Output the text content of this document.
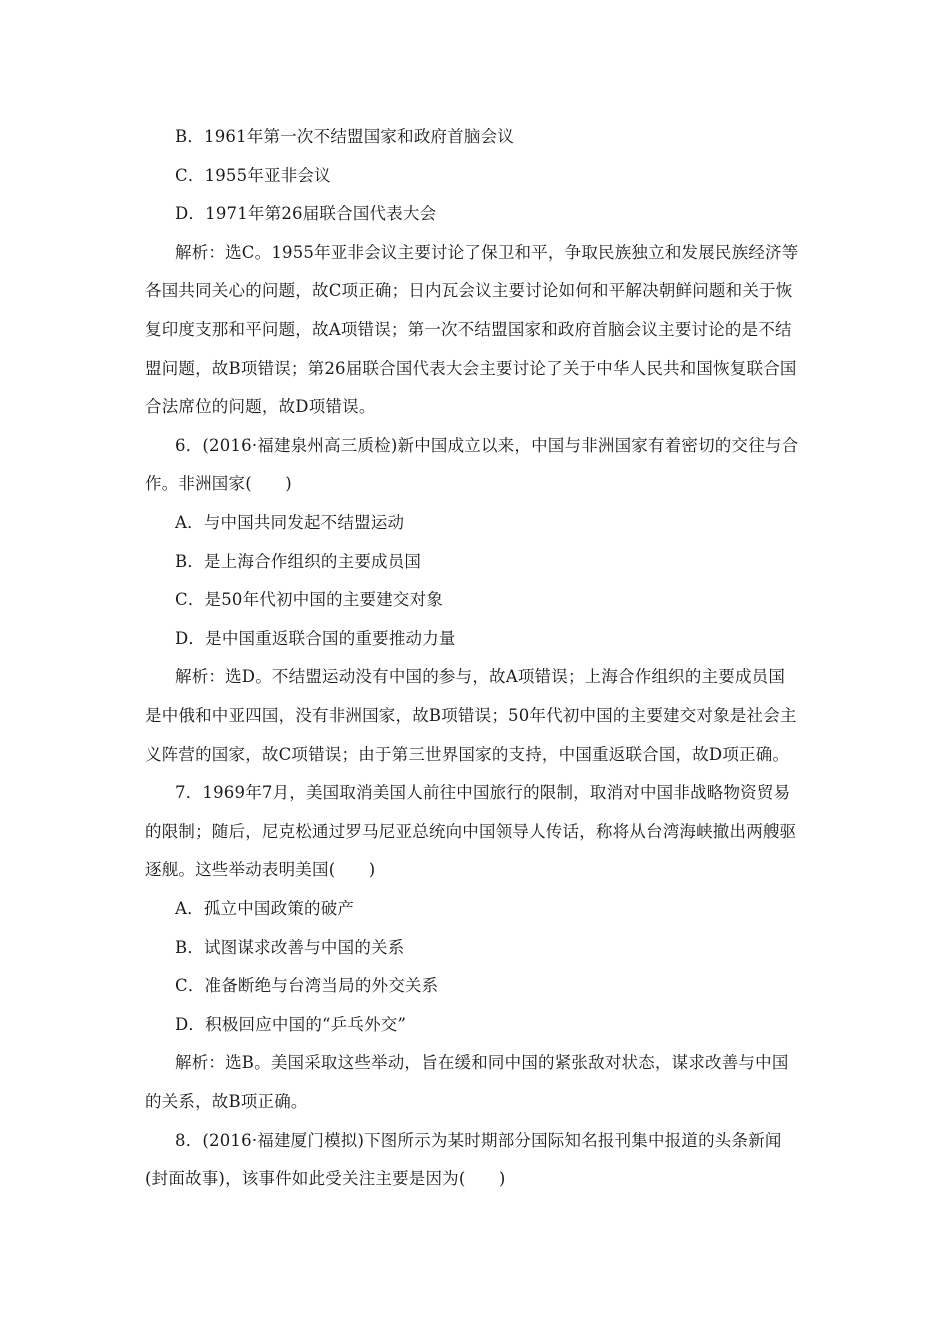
B．1961年第一次不结盟国家和政府首脑会议
C．1955年亚非会议
D．1971年第26届联合国代表大会
解析：选C。1955年亚非会议主要讨论了保卫和平，争取民族独立和发展民族经济等
各国共同关心的问题，故C项正确；日内瓦会议主要讨论如何和平解决朝鲜问题和关于恢
复印度支那和平问题，故A项错误；第一次不结盟国家和政府首脑会议主要讨论的是不结
盟问题，故B项错误；第26届联合国代表大会主要讨论了关于中华人民共和国恢复联合国
合法席位的问题，故D项错误。
6．(2016·福建泉州高三质检)新中国成立以来，中国与非洲国家有着密切的交往与合
作。非洲国家(　　)
A．与中国共同发起不结盟运动
B．是上海合作组织的主要成员国
C．是50年代初中国的主要建交对象
D．是中国重返联合国的重要推动力量
解析：选D。不结盟运动没有中国的参与，故A项错误；上海合作组织的主要成员国
是中俄和中亚四国，没有非洲国家，故B项错误；50年代初中国的主要建交对象是社会主
义阵营的国家，故C项错误；由于第三世界国家的支持，中国重返联合国，故D项正确。
7．1969年7月，美国取消美国人前往中国旅行的限制，取消对中国非战略物资贸易
的限制；随后，尼克松通过罗马尼亚总统向中国领导人传话，称将从台湾海峡撤出两艘驱
逐舰。这些举动表明美国(　　)
A．孤立中国政策的破产
B．试图谋求改善与中国的关系
C．准备断绝与台湾当局的外交关系
D．积极回应中国的“乒乓外交”
解析：选B。美国采取这些举动，旨在缓和同中国的紧张敌对状态，谋求改善与中国
的关系，故B项正确。
8．(2016·福建厦门模拟)下图所示为某时期部分国际知名报刊集中报道的头条新闻
(封面故事)，该事件如此受关注主要是因为(　　)
